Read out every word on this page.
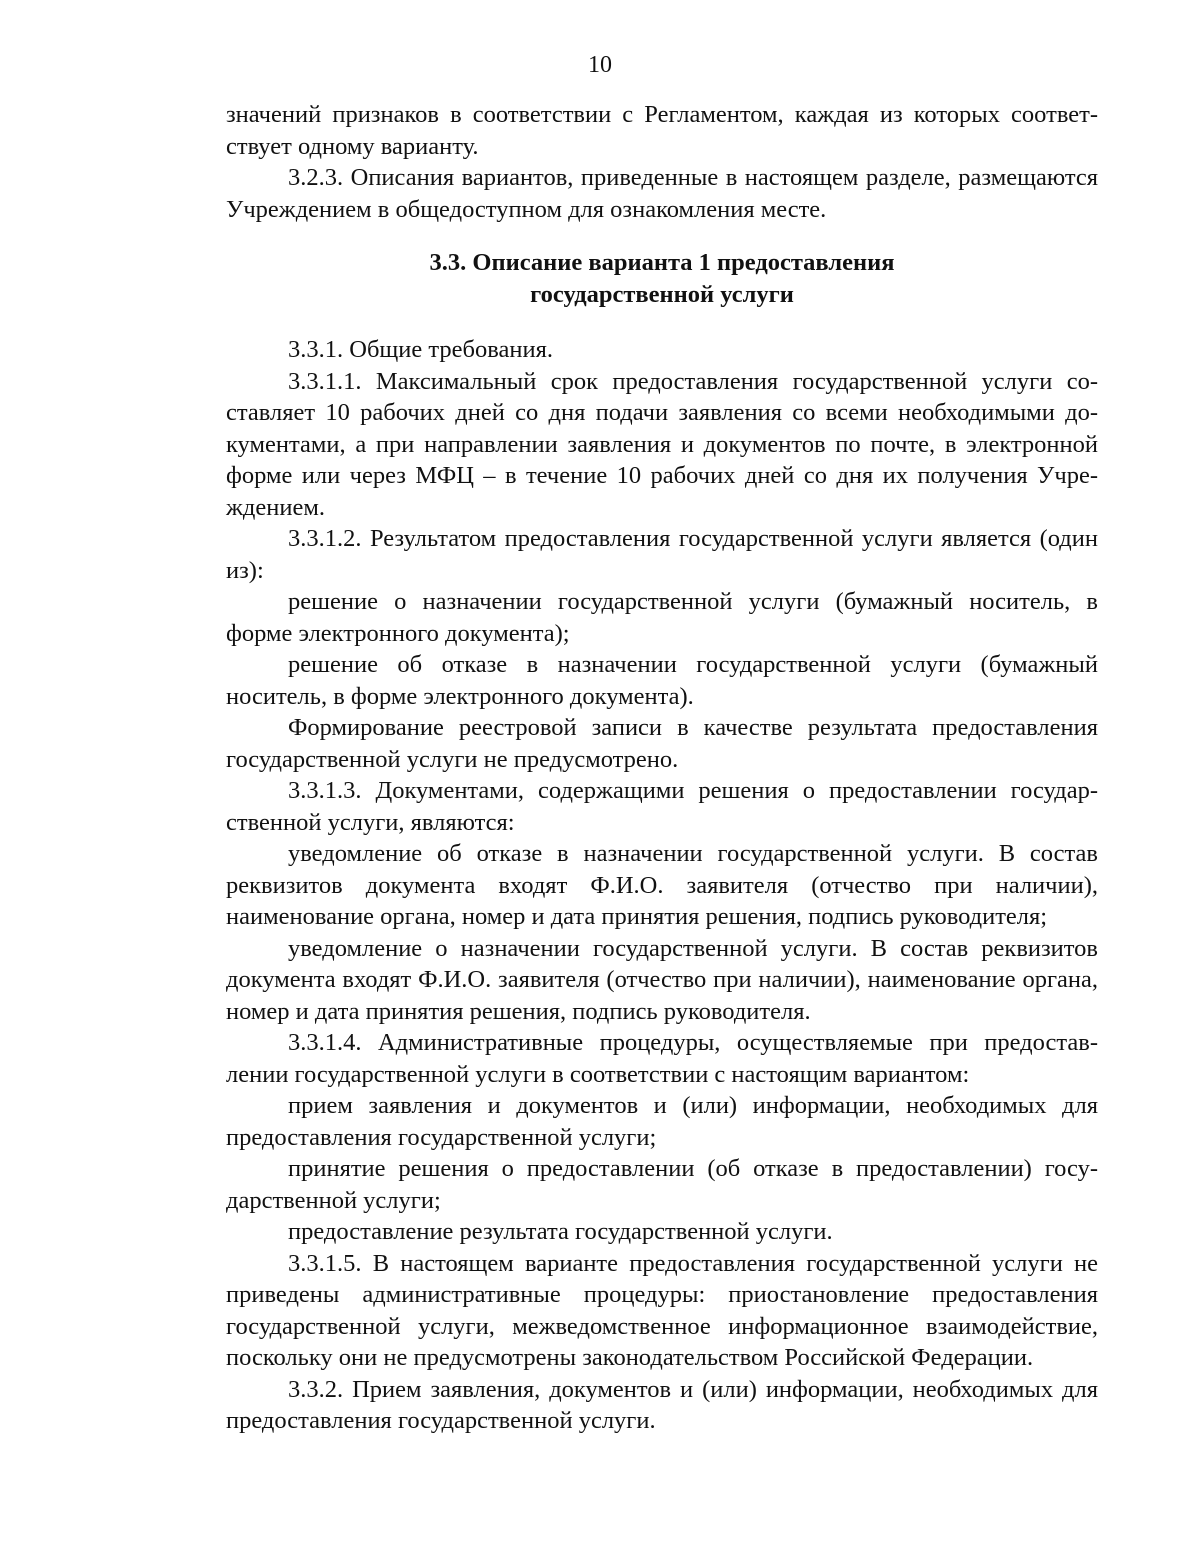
10

значений признаков в соответствии с Регламентом, каждая из которых соответствует одному варианту.

3.2.3. Описания вариантов, приведенные в настоящем разделе, размещаются Учреждением в общедоступном для ознакомления месте.

3.3. Описание варианта 1 предоставления
государственной услуги

3.3.1. Общие требования.

3.3.1.1. Максимальный срок предоставления государственной услуги составляет 10 рабочих дней со дня подачи заявления со всеми необходимыми документами, а при направлении заявления и документов по почте, в электронной форме или через МФЦ – в течение 10 рабочих дней со дня их получения Учреждением.

3.3.1.2. Результатом предоставления государственной услуги является (один из):

решение о назначении государственной услуги (бумажный носитель, в форме электронного документа);

решение об отказе в назначении государственной услуги (бумажный носитель, в форме электронного документа).

Формирование реестровой записи в качестве результата предоставления государственной услуги не предусмотрено.

3.3.1.3. Документами, содержащими решения о предоставлении государственной услуги, являются:

уведомление об отказе в назначении государственной услуги. В состав реквизитов документа входят Ф.И.О. заявителя (отчество при наличии), наименование органа, номер и дата принятия решения, подпись руководителя;

уведомление о назначении государственной услуги. В состав реквизитов документа входят Ф.И.О. заявителя (отчество при наличии), наименование органа, номер и дата принятия решения, подпись руководителя.

3.3.1.4. Административные процедуры, осуществляемые при предоставлении государственной услуги в соответствии с настоящим вариантом:

прием заявления и документов и (или) информации, необходимых для предоставления государственной услуги;

принятие решения о предоставлении (об отказе в предоставлении) государственной услуги;

предоставление результата государственной услуги.

3.3.1.5. В настоящем варианте предоставления государственной услуги не приведены административные процедуры: приостановление предоставления государственной услуги, межведомственное информационное взаимодействие, поскольку они не предусмотрены законодательством Российской Федерации.

3.3.2. Прием заявления, документов и (или) информации, необходимых для предоставления государственной услуги.
